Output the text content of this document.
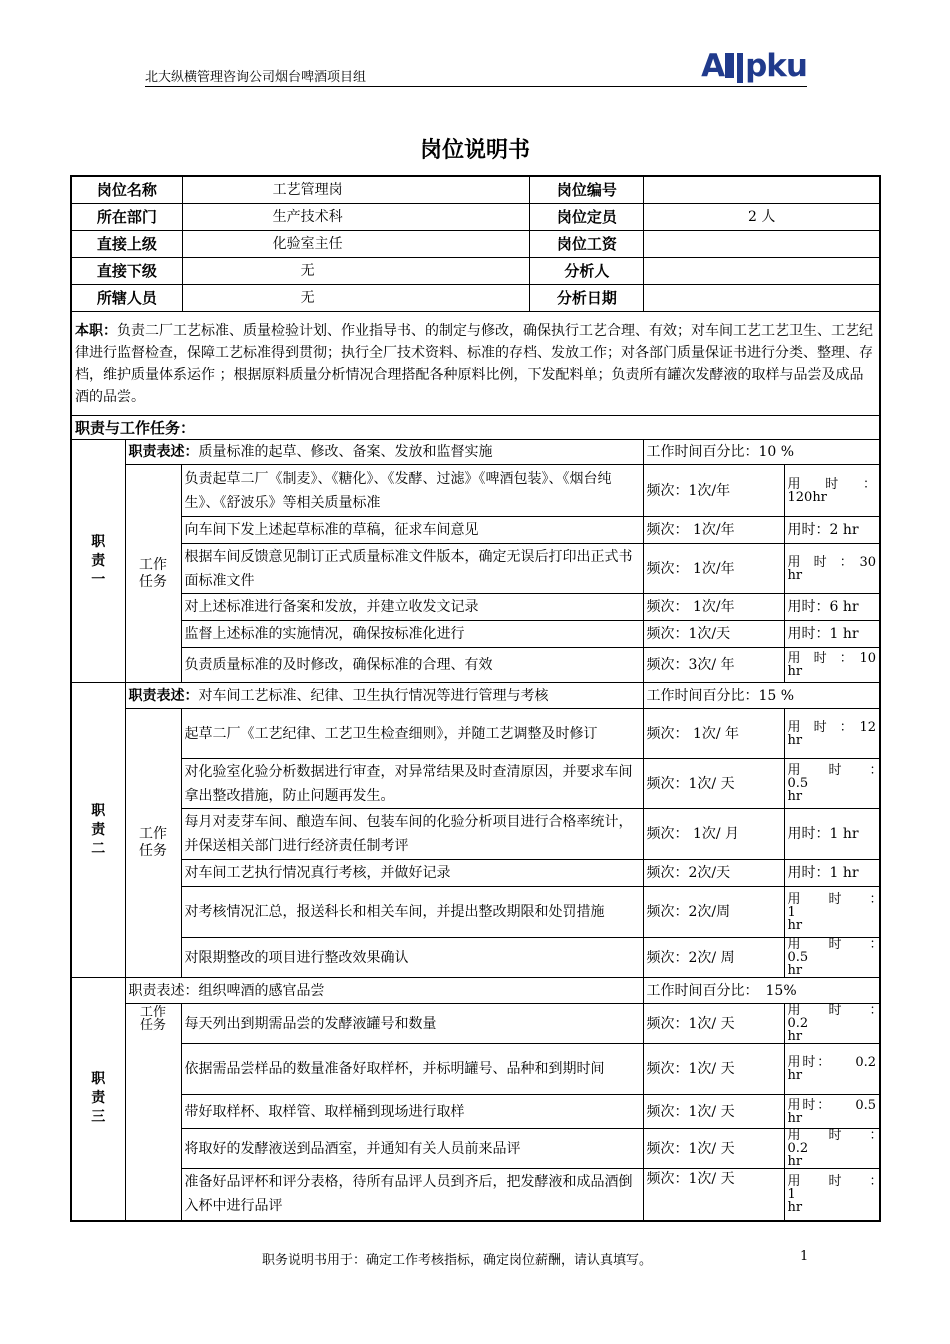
北大纵横管理咨询公司烟台啤酒项目组	A pku
岗位说明书
岗位名称 工艺管理岗 岗位编号				

所在部门 生产技术科 岗位定员 2 人				

直接上级 化验室主任 岗位工资				

直接下级 无 分析人				

所辖人员 无 分析日期				

本职：负责二厂工艺标准、质量检验计划、作业指导书、的制定与修改，确保执行工艺合理、有效；对车间工艺工艺卫生、工艺纪律进行监督检查，保障工艺标准得到贯彻；执行全厂技术资料、标准的存档、发放工作；对各部门质量保证书进行分类、整理、存档，维护质量体系运作 ；根据原料质量分析情况合理搭配各种原料比例，下发配料单；负责所有罐次发酵液的取样与品尝及成品酒的品尝。				
职责与工作任务：				

职责一	职责表述：质量标准的起草、修改、备案、发放和监督实施		工作时间百分比：10 %	

	工作任务	负责起草二厂《制麦》、《糖化》、《发酵、过滤》《啤酒包装》、《烟台纯生》、《舒波乐》等相关质量标准	频次：1次/年	用　时　：
120hr

		向车间下发上述起草标准的草稿，征求车间意见	频次： 1次/年	用时：2 hr
		根据车间反馈意见制订正式质量标准文件版本，确定无误后打印出正式书面标准文件	频次： 1次/年	用　时　：　30
hr

		对上述标准进行备案和发放，并建立收发文记录	频次： 1次/年	用时：6 hr
		监督上述标准的实施情况，确保按标准化进行	频次：1次/天	用时：1 hr
		负责质量标准的及时修改，确保标准的合理、有效	频次：3次/ 年	用　时　：　10
hr

职责二	职责表述：对车间工艺标准、纪律、卫生执行情况等进行管理与考核		工作时间百分比：15 %	

	工作任务	起草二厂《工艺纪律、工艺卫生检查细则》，并随工艺调整及时修订	频次： 1次/ 年	用　时　：　12
hr

		对化验室化验分析数据进行审查，对异常结果及时查清原因，并要求车间拿出整改措施，防止问题再发生。	频次：1次/ 天	用　时　：　0.5
hr

		每月对麦芽车间、酿造车间、包装车间的化验分析项目进行合格率统计，并保送相关部门进行经济责任制考评	频次： 1次/ 月	用时：1 hr
		对车间工艺执行情况真行考核，并做好记录	频次：2次/天	用时：1 hr
		对考核情况汇总，报送科长和相关车间，并提出整改期限和处罚措施	频次：2次/周	用　时　：　　1
hr

		对限期整改的项目进行整改效果确认	频次：2次/ 周	用　时　：　0.5
hr

职责三	职责表述：组织啤酒的感官品尝		工作时间百分比：　15%	

	工作任务	每天列出到期需品尝的发酵液罐号和数量	频次：1次/ 天	用　时　：　0.2
hr

		依据需品尝样品的数量准备好取样杯，并标明罐号、品种和到期时间	频次：1次/ 天	用时：　　0.2
hr

		带好取样杯、取样管、取样桶到现场进行取样	频次：1次/ 天	用时：　　0.5
hr

		将取好的发酵液送到品酒室，并通知有关人员前来品评	频次：1次/ 天	用　时　：　0.2
hr

		准备好品评杯和评分表格，待所有品评人员到齐后，把发酵液和成品酒倒入杯中进行品评	频次：1次/ 天	用　时　：　　1
hr
职务说明书用于：确定工作考核指标，确定岗位薪酬，请认真填写。	1
